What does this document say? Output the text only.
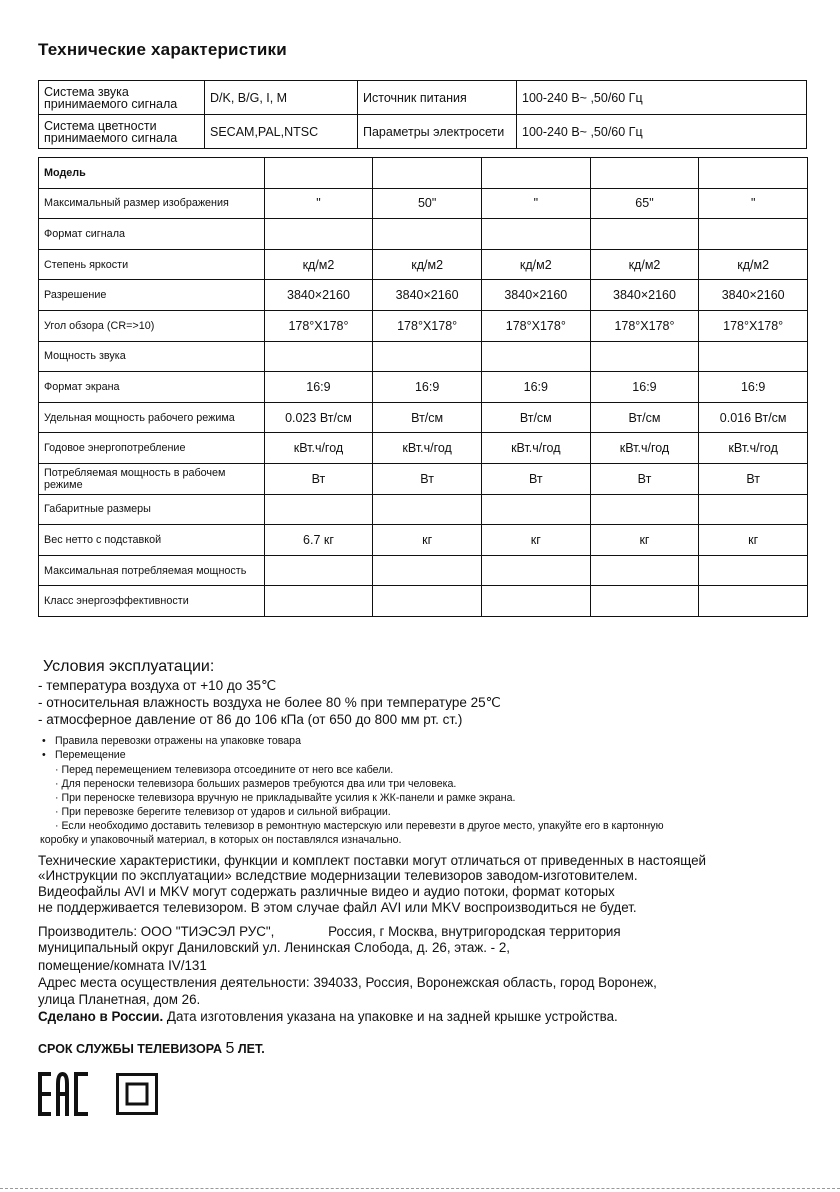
Технические характеристики
Система звука принимаемого сигнала	D/K, B/G, I, M	Источник питания	100-240 В~ ,50/60 Гц
Система цветности принимаемого сигнала	SECAM,PAL,NTSC	Параметры электросети	100-240 В~ ,50/60 Гц
Модель					
Максимальный размер изображения	"	50"	"	65"	"
Формат сигнала					
Степень яркости	кд/м2	кд/м2	кд/м2	кд/м2	кд/м2
Разрешение	3840×2160	3840×2160	3840×2160	3840×2160	3840×2160
Угол обзора (CR=>10)	178°Х178°	178°Х178°	178°Х178°	178°Х178°	178°Х178°
Мощность звука					
Формат экрана	16:9	16:9	16:9	16:9	16:9
Удельная мощность рабочего режима	0.023 Вт/см	Вт/см	Вт/см	Вт/см	0.016 Вт/см
Годовое энергопотребление	кВт.ч/год	кВт.ч/год	кВт.ч/год	кВт.ч/год	кВт.ч/год
Потребляемая мощность в рабочем режиме	Вт	Вт	Вт	Вт	Вт
Габаритные размеры					
Вес нетто с подставкой	6.7 кг	кг	кг	кг	кг
Максимальная потребляемая мощность					
Класс энергоэффективности					
Условия эксплуатации:
- температура воздуха от +10 до 35℃
- относительная влажность воздуха не более 80 % при температуре 25℃
- атмосферное давление от 86 до 106 кПа (от 650 до 800 мм рт. ст.)
• Правила перевозки отражены на упаковке товара
• Перемещение
· Перед перемещением телевизора отсоедините от него все кабели.
· Для переноски телевизора больших размеров требуются два или три человека.
· При переноске телевизора вручную не прикладывайте усилия к ЖК-панели и рамке экрана.
· При перевозке берегите телевизор от ударов и сильной вибрации.
· Если необходимо доставить телевизор в ремонтную мастерскую или перевезти в другое место, упакуйте его в картонную
коробку и упаковочный материал, в которых он поставлялся изначально.
Технические характеристики, функции и комплект поставки могут отличаться от приведенных в настоящей
«Инструкции по эксплуатации» вследствие модернизации телевизоров заводом-изготовителем.
Видеофайлы AVI и MKV могут содержать различные видео и аудио потоки, формат которых
не поддерживается телевизором. В этом случае файл AVI или MKV воспроизводиться не будет.
Производитель: ООО "ТИЭСЭЛ РУС",	Россия, г Москва, внутригородская территория
муниципальный округ Даниловский ул. Ленинская Слобода, д. 26, этаж. - 2,
помещение/комната IV/131
Адрес места осуществления деятельности: 394033, Россия, Воронежская область, город Воронеж,
улица Планетная, дом 26.
Сделано в России. Дата изготовления указана на упаковке и на задней крышке устройства.
СРОК СЛУЖБЫ ТЕЛЕВИЗОРА 5 ЛЕТ.
